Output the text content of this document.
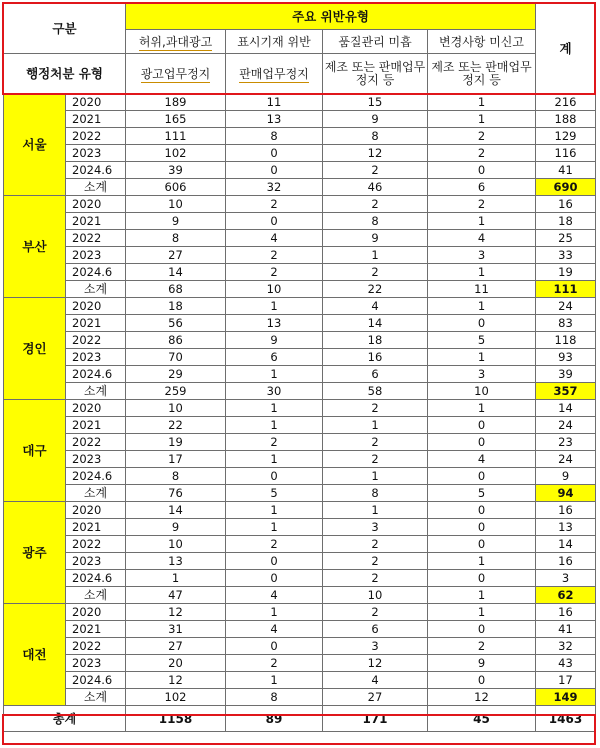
구분		주요 위반유형				계
		허위,과대광고	표시기재 위반	품질관리 미흡	변경사항 미신고	
행정처분 유형		광고업무정지	판매업무정지	제조 또는 판매업무정지 등	제조 또는 판매업무정지 등	
서울	2020	189	11	15	1	216
	2021	165	13	9	1	188
	2022	111	8	8	2	129
	2023	102	0	12	2	116
	2024.6	39	0	2	0	41
	소계	606	32	46	6	690
부산	2020	10	2	2	2	16
	2021	9	0	8	1	18
	2022	8	4	9	4	25
	2023	27	2	1	3	33
	2024.6	14	2	2	1	19
	소계	68	10	22	11	111
경인	2020	18	1	4	1	24
	2021	56	13	14	0	83
	2022	86	9	18	5	118
	2023	70	6	16	1	93
	2024.6	29	1	6	3	39
	소계	259	30	58	10	357
대구	2020	10	1	2	1	14
	2021	22	1	1	0	24
	2022	19	2	2	0	23
	2023	17	1	2	4	24
	2024.6	8	0	1	0	9
	소계	76	5	8	5	94
광주	2020	14	1	1	0	16
	2021	9	1	3	0	13
	2022	10	2	2	0	14
	2023	13	0	2	1	16
	2024.6	1	0	2	0	3
	소계	47	4	10	1	62
대전	2020	12	1	2	1	16
	2021	31	4	6	0	41
	2022	27	0	3	2	32
	2023	20	2	12	9	43
	2024.6	12	1	4	0	17
	소계	102	8	27	12	149
총계		1158	89	171	45	1463
